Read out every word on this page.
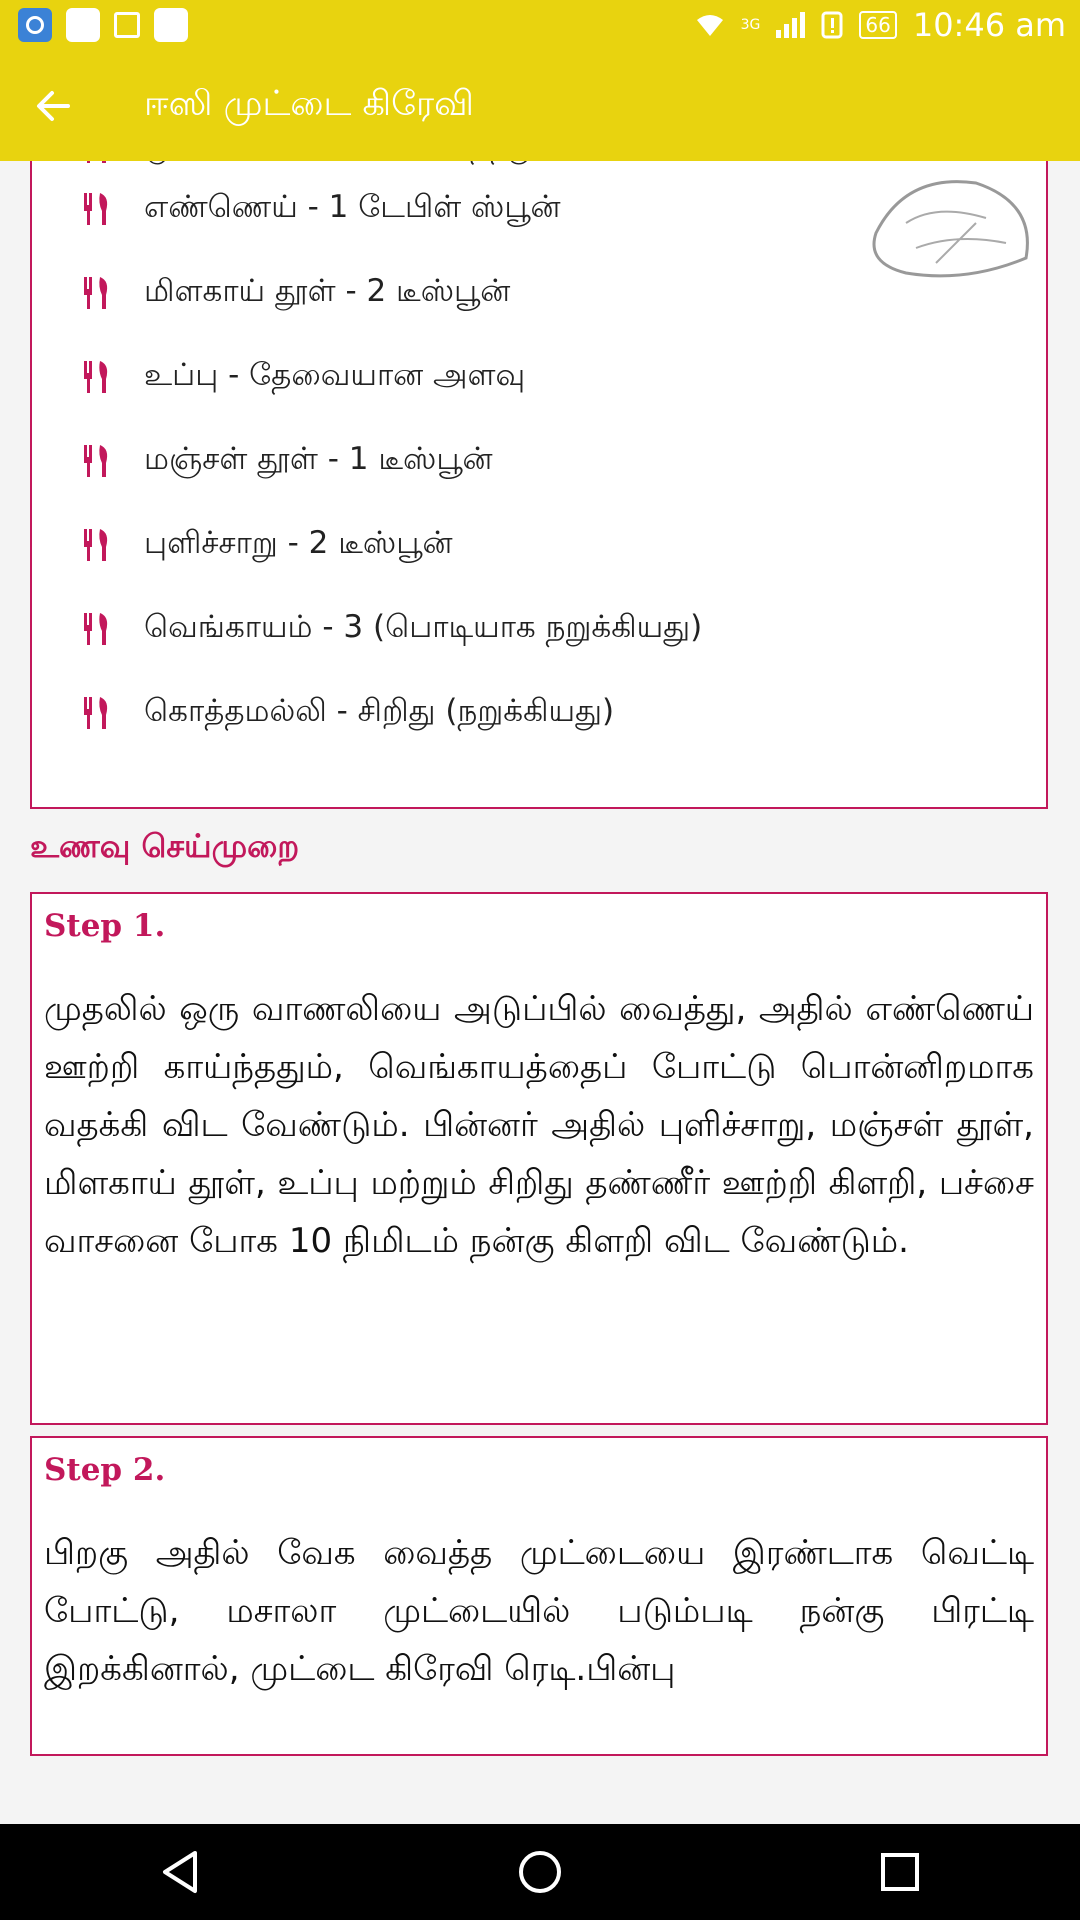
3G	66 10:46 am
ஈஸி முட்டை கிரேவி
எண்ணெய் - 1 டேபிள் ஸ்பூன்
மிளகாய் தூள் - 2 டீஸ்பூன்
உப்பு - தேவையான அளவு
மஞ்சள் தூள் - 1 டீஸ்பூன்
புளிச்சாறு - 2 டீஸ்பூன்
வெங்காயம் - 3 (பொடியாக நறுக்கியது)
கொத்தமல்லி - சிறிது (நறுக்கியது)
உணவு செய்முறை
Step 1.
முதலில் ஒரு வாணலியை அடுப்பில் வைத்து, அதில் எண்ணெய் ஊற்றி காய்ந்ததும், வெங்காயத்தைப் போட்டு பொன்னிறமாக வதக்கி விட வேண்டும். பின்னர் அதில் புளிச்சாறு, மஞ்சள் தூள், மிளகாய் தூள், உப்பு மற்றும் சிறிது தண்ணீர் ஊற்றி கிளறி, பச்சை வாசனை போக 10 நிமிடம் நன்கு கிளறி விட வேண்டும்.
Step 2.
பிறகு அதில் வேக வைத்த முட்டையை இரண்டாக வெட்டி போட்டு, மசாலா முட்டையில் படும்படி நன்கு பிரட்டி இறக்கினால், முட்டை கிரேவி ரெடி.பின்பு
